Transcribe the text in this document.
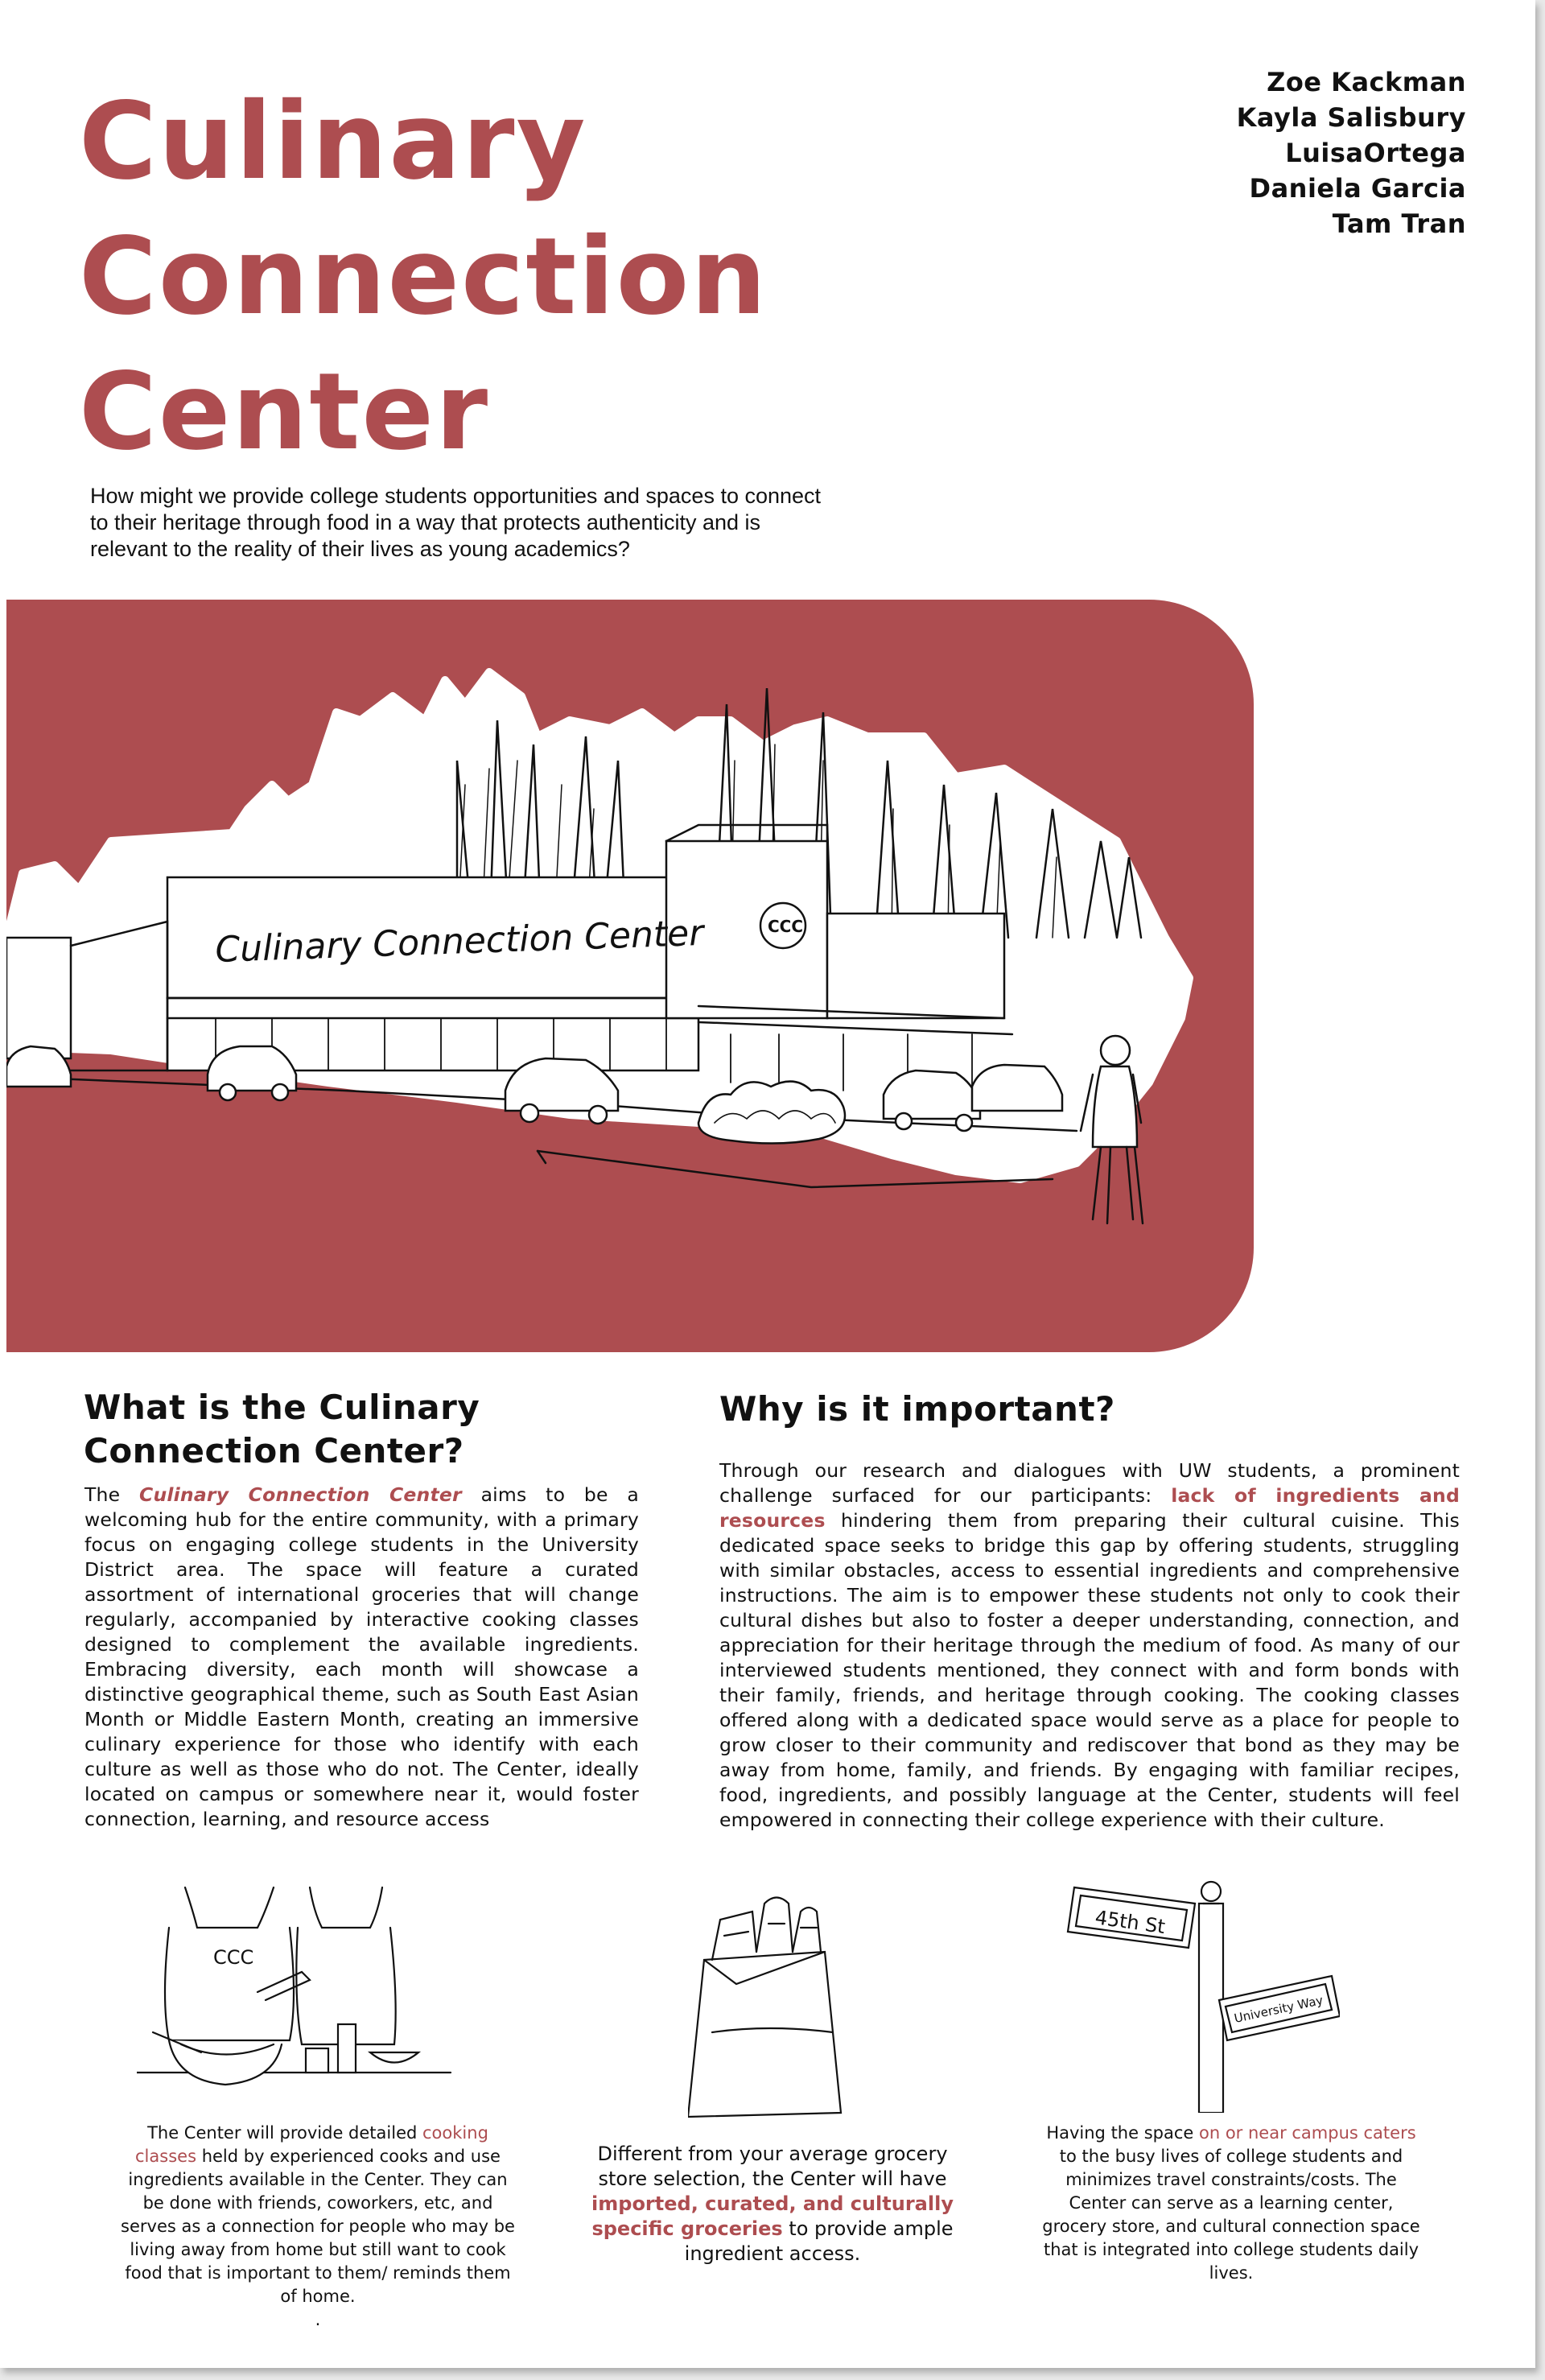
Culinary
Connection
Center
Zoe Kackman
Kayla Salisbury
LuisaOrtega
Daniela Garcia
Tam Tran

How might we provide college students opportunities and spaces to connect to their heritage through food in a way that protects authenticity and is relevant to the reality of their lives as young academics?

Culinary Connection Center	CCC
What is the Culinary Connection Center?

The Culinary Connection Center aims to be a welcoming hub for the entire community, with a primary focus on engaging college students in the University District area. The space will feature a curated assortment of international groceries that will change regularly, accompanied by interactive cooking classes designed to complement the available ingredients. Embracing diversity, each month will showcase a distinctive geographical theme, such as South East Asian Month or Middle Eastern Month, creating an immersive culinary experience for those who identify with each culture as well as those who do not. The Center, ideally located on campus or somewhere near it, would foster connection, learning, and resource access

Why is it important?

Through our research and dialogues with UW students, a prominent challenge surfaced for our participants: lack of ingredients and resources hindering them from preparing their cultural cuisine. This dedicated space seeks to bridge this gap by offering students, struggling with similar obstacles, access to essential ingredients and comprehensive instructions. The aim is to empower these students not only to cook their cultural dishes but also to foster a deeper understanding, connection, and appreciation for their heritage through the medium of food. As many of our interviewed students mentioned, they connect with and form bonds with their family, friends, and heritage through cooking. The cooking classes offered along with a dedicated space would serve as a place for people to grow closer to their community and rediscover that bond as they may be away from home, family, and friends. By engaging with familiar recipes, food, ingredients, and possibly language at the Center, students will feel empowered in connecting their college experience with their culture.

CCC

The Center will provide detailed cooking classes held by experienced cooks and use ingredients available in the Center. They can be done with friends, coworkers, etc, and serves as a connection for people who may be living away from home but still want to cook food that is important to them/ reminds them of home.
.

Different from your average grocery store selection, the Center will have imported, curated, and culturally specific groceries to provide ample ingredient access.

45th St
University Way

Having the space on or near campus caters to the busy lives of college students and minimizes travel constraints/costs. The Center can serve as a learning center, grocery store, and cultural connection space that is integrated into college students daily lives.
